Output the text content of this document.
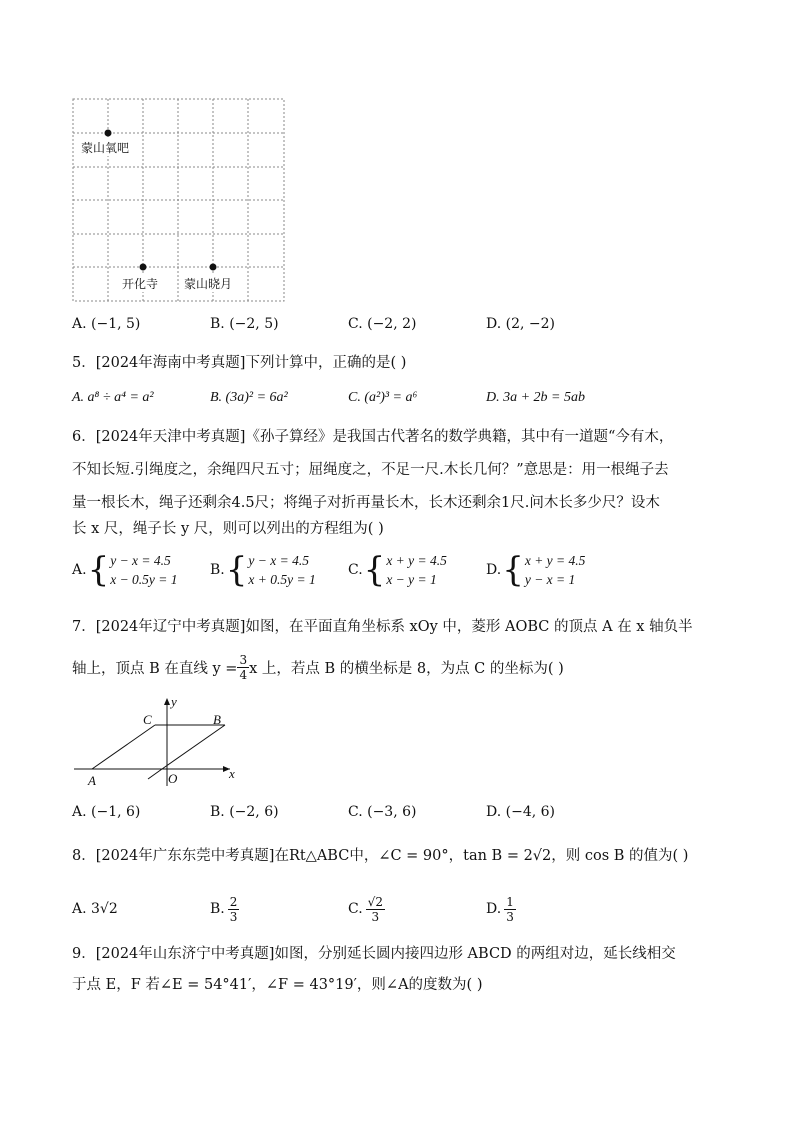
蒙山氧吧
开化寺 蒙山晓月
A. (−1, 5)	B. (−2, 5)	C. (−2, 2)	D. (2, −2)
5．[2024年海南中考真题]下列计算中，正确的是( )
A. a⁸ ÷ a⁴ = a²	B. (3a)² = 6a²	C. (a²)³ = a⁶	D. 3a + 2b = 5ab
6．[2024年天津中考真题]《孙子算经》是我国古代著名的数学典籍，其中有一道题“今有木，
不知长短.引绳度之，余绳四尺五寸；屈绳度之，不足一尺.木长几何？”意思是：用一根绳子去
量一根长木，绳子还剩余4.5尺；将绳子对折再量长木，长木还剩余1尺.问木长多少尺？设木
长 x 尺，绳子长 y 尺，则可以列出的方程组为( )
A. { y − x = 4.5
x − 0.5y = 1
B. { y − x = 4.5
x + 0.5y = 1
C. { x + y = 4.5
x − y = 1
D. { x + y = 4.5
y − x = 1
7．[2024年辽宁中考真题]如图，在平面直角坐标系 xOy 中，菱形 AOBC 的顶点 A 在 x 轴负半
轴上，顶点 B 在直线 $y = \frac{3}{4}$ x 上，若点 B 的横坐标是 8，为点 C 的坐标为( )
C	B
A	O	x
y
A. (−1, 6)	B. (−2, 6)	C. (−3, 6)	D. (−4, 6)
8．[2024年广东东莞中考真题]在Rt△ABC中，∠C = 90°，tan B = 2√2，则 cos B 的值为( )
A. 3√2	B. $\frac{2}{3}$	C. $\frac{√2}{3}$	D. $\frac{1}{3}$
9．[2024年山东济宁中考真题]如图，分别延长圆内接四边形 ABCD 的两组对边，延长线相交
于点 E，F 若∠E = 54°41′，∠F = 43°19′，则∠A的度数为( )
